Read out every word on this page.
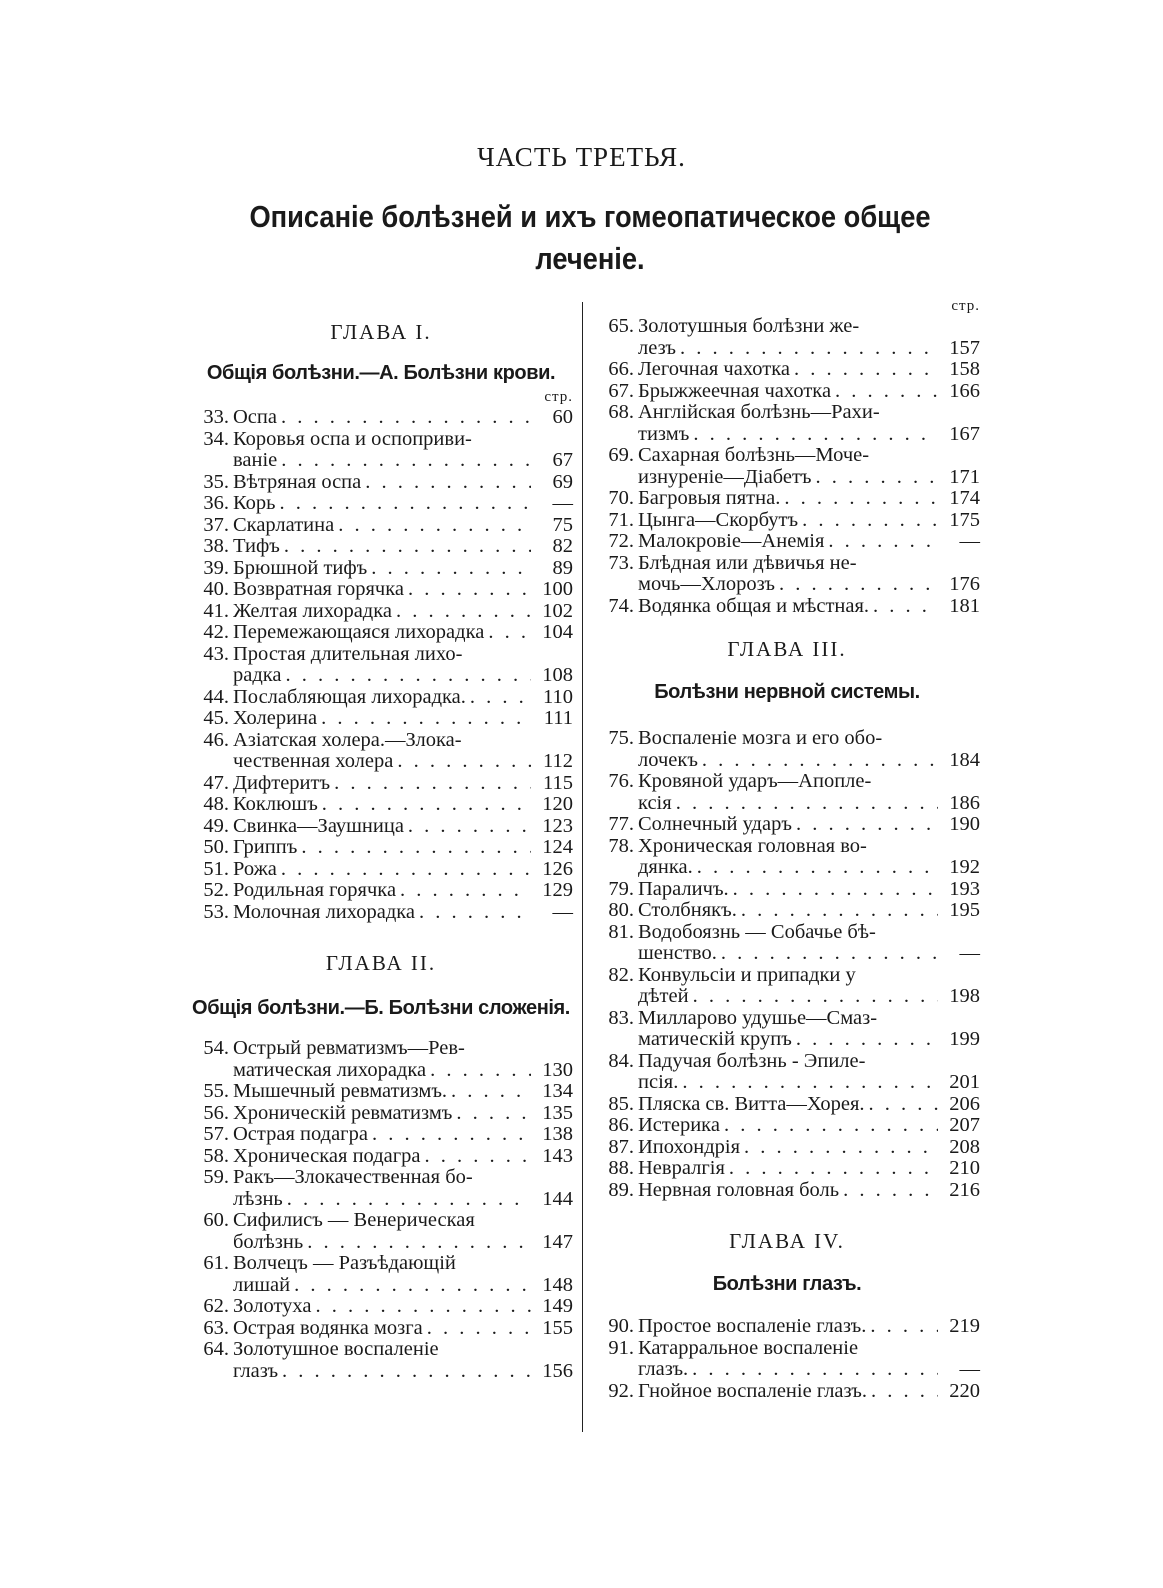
ЧАСТЬ ТРЕТЬЯ.
Описаніе болѣзней и ихъ гомеопатическое общее леченіе.
ГЛАВА I.
Общія болѣзни.—А. Болѣзни крови.
стр.
33. Оспа . . .	60
34. Коровья оспа и оспоприви-
ваніе . . .	67
35. Вѣтряная оспа . . .	69
36. Корь . . .	—
37. Скарлатина . . .	75
38. Тифъ . . .	82
39. Брюшной тифъ . . .	89
40. Возвратная горячка . . .	100
41. Желтая лихорадка . . .	102
42. Перемежающаяся лихорадка . . .	104
43. Простая длительная лихо-
радка . . .	108
44. Послабляющая лихорадка. . . .	110
45. Холерина . . .	111
46. Азіатская холера.—Злока-
чественная холера . . .	112
47. Дифтеритъ . . .	115
48. Коклюшъ . . .	120
49. Свинка—Заушница . . .	123
50. Гриппъ . . .	124
51. Рожа . . .	126
52. Родильная горячка . . .	129
53. Молочная лихорадка . . .	—
ГЛАВА II.
Общія болѣзни.—Б. Болѣзни сложенія.
54. Острый ревматизмъ—Рев-
матическая лихорадка . . .	130
55. Мышечный ревматизмъ. . . .	134
56. Хроническій ревматизмъ . . .	135
57. Острая подагра . . .	138
58. Хроническая подагра . . .	143
59. Ракъ—Злокачественная бо-
лѣзнь . . .	144
60. Сифилисъ — Венерическая
болѣзнь . . .	147
61. Волчецъ — Разъѣдающій
лишай . . .	148
62. Золотуха . . .	149
63. Острая водянка мозга . . .	155
64. Золотушное воспаленіе
глазъ . . .	156
стр.
65. Золотушныя болѣзни же-
лезъ . . .	157
66. Легочная чахотка . . .	158
67. Брыжжеечная чахотка . . .	166
68. Англійская болѣзнь—Рахи-
тизмъ . . .	167
69. Сахарная болѣзнь—Моче-
изнуреніе—Діабетъ . . .	171
70. Багровыя пятна. . . .	174
71. Цынга—Скорбутъ . . .	175
72. Малокровіе—Анемія . . .	—
73. Блѣдная или дѣвичья не-
мочь—Хлорозъ . . .	176
74. Водянка общая и мѣстная. . . .	181
ГЛАВА III.
Болѣзни нервной системы.
75. Воспаленіе мозга и его обо-
лочекъ . . .	184
76. Кровяной ударъ—Апопле-
ксія . . .	186
77. Солнечный ударъ . . .	190
78. Хроническая головная во-
дянка. . . .	192
79. Параличъ. . . .	193
80. Столбнякъ. . . .	195
81. Водобоязнь — Собачье бѣ-
шенство. . . .	—
82. Конвульсіи и припадки у
дѣтей . . .	198
83. Милларово удушье—Смаз-
матическій крупъ . . .	199
84. Падучая болѣзнь - Эпиле-
псія. . . .	201
85. Пляска св. Витта—Хорея. . . .	206
86. Истерика . . .	207
87. Ипохондрія . . .	208
88. Невралгія . . .	210
89. Нервная головная боль . . .	216
ГЛАВА IV.
Болѣзни глазъ.
90. Простое воспаленіе глазъ. . . .	219
91. Катарральное воспаленіе
глазъ. . . .	—
92. Гнойное воспаленіе глазъ. . . .	220
